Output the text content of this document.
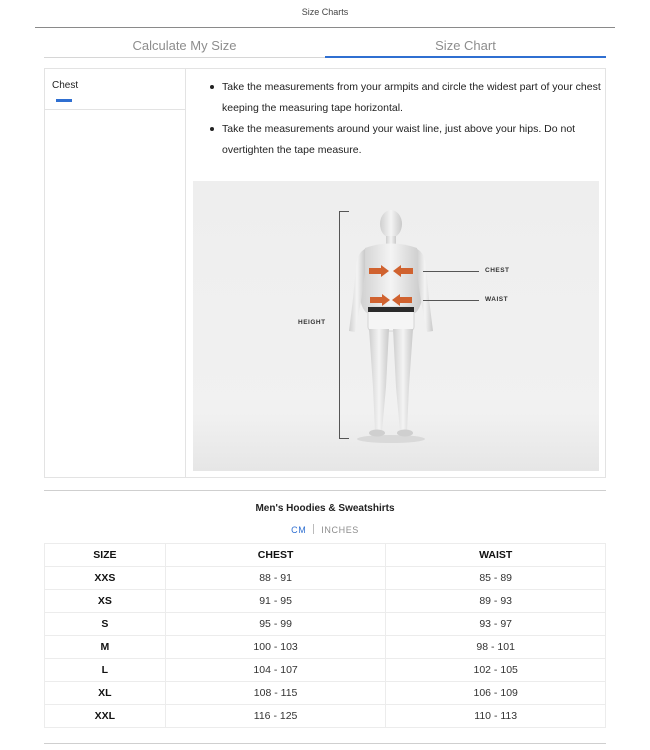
Size Charts
Calculate My Size	Size Chart
Chest	Take the measurements from your armpits and circle the widest part of your chest keeping the measuring tape horizontal.
Take the measurements around your waist line, just above your hips. Do not overtighten the tape measure.
HEIGHT
CHEST
WAIST
Men's Hoodies & Sweatshirts
CM INCHES
SIZE	CHEST	WAIST
XXS	88 - 91	85 - 89
XS	91 - 95	89 - 93
S	95 - 99	93 - 97
M	100 - 103	98 - 101
L	104 - 107	102 - 105
XL	108 - 115	106 - 109
XXL	116 - 125	110 - 113
